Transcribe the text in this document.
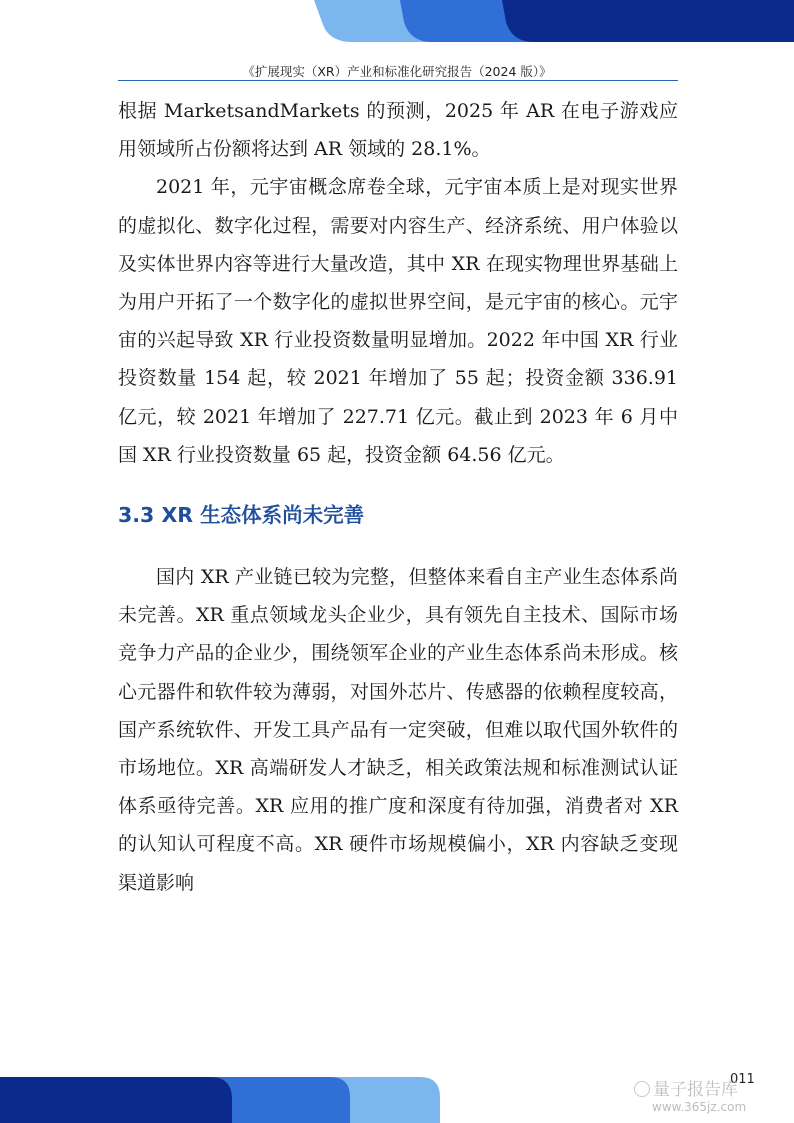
《扩展现实（XR）产业和标准化研究报告（2024 版）》

根据 MarketsandMarkets 的预测，2025 年 AR 在电子游戏应用领域所占份额将达到 AR 领域的 28.1%。

2021 年，元宇宙概念席卷全球，元宇宙本质上是对现实世界的虚拟化、数字化过程，需要对内容生产、经济系统、用户体验以及实体世界内容等进行大量改造，其中 XR 在现实物理世界基础上为用户开拓了一个数字化的虚拟世界空间，是元宇宙的核心。元宇宙的兴起导致 XR 行业投资数量明显增加。2022 年中国 XR 行业投资数量 154 起，较 2021 年增加了 55 起；投资金额 336.91 亿元，较 2021 年增加了 227.71 亿元。截止到 2023 年 6 月中国 XR 行业投资数量 65 起，投资金额 64.56 亿元。

3.3 XR 生态体系尚未完善

国内 XR 产业链已较为完整，但整体来看自主产业生态体系尚未完善。XR 重点领域龙头企业少，具有领先自主技术、国际市场竞争力产品的企业少，围绕领军企业的产业生态体系尚未形成。核心元器件和软件较为薄弱，对国外芯片、传感器的依赖程度较高，国产系统软件、开发工具产品有一定突破，但难以取代国外软件的市场地位。XR 高端研发人才缺乏，相关政策法规和标准测试认证体系亟待完善。XR 应用的推广度和深度有待加强，消费者对 XR 的认知认可程度不高。XR 硬件市场规模偏小，XR 内容缺乏变现渠道影响

011
量子报告库
www.365jz.com
